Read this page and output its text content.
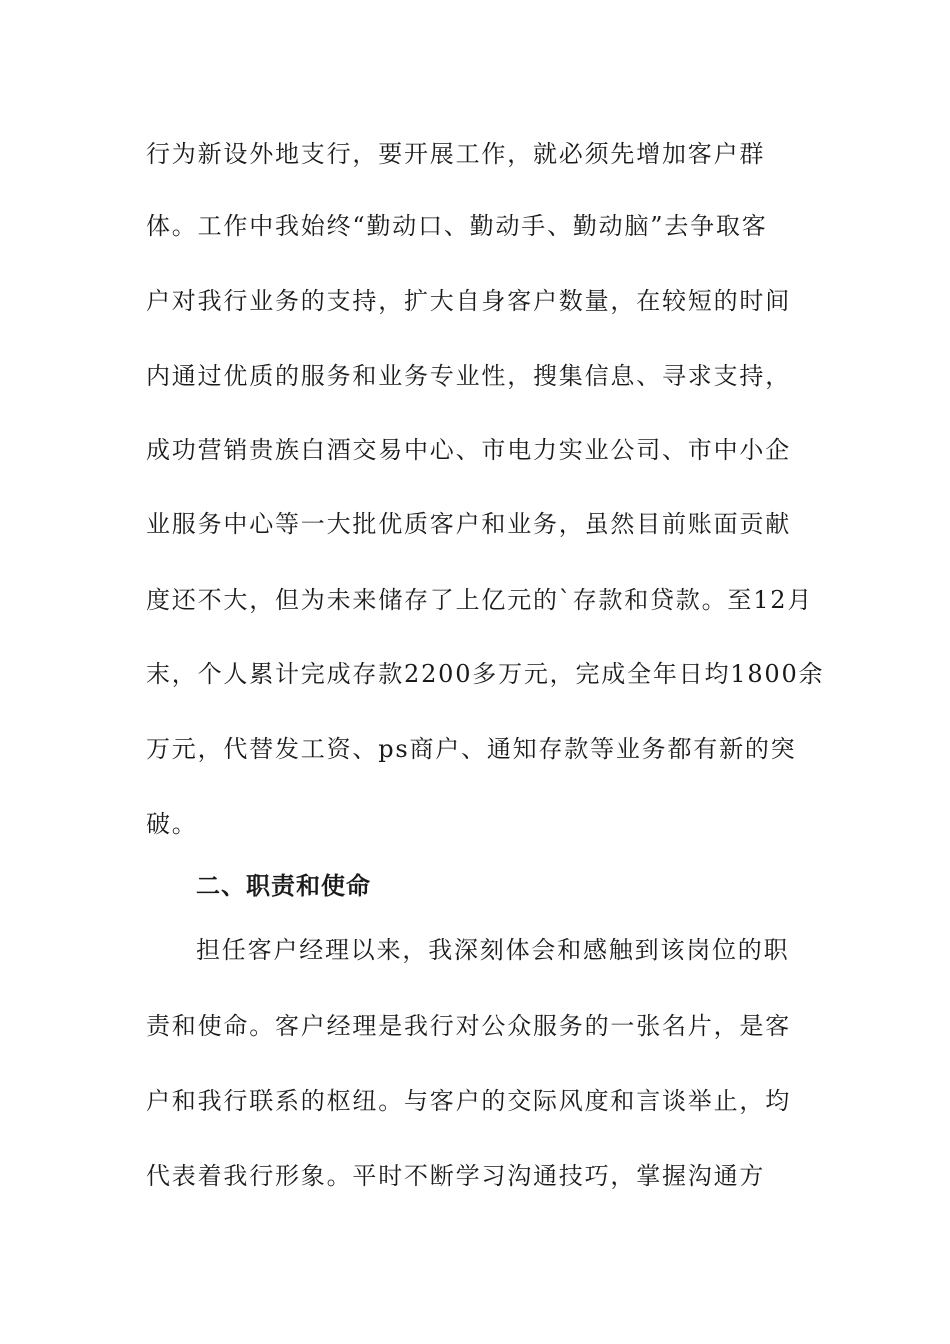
行为新设外地支行，要开展工作，就必须先增加客户群
体。工作中我始终“勤动口、勤动手、勤动脑”去争取客
户对我行业务的支持，扩大自身客户数量，在较短的时间
内通过优质的服务和业务专业性，搜集信息、寻求支持，
成功营销贵族白酒交易中心、市电力实业公司、市中小企
业服务中心等一大批优质客户和业务，虽然目前账面贡献
度还不大，但为未来储存了上亿元的`存款和贷款。至12月
末，个人累计完成存款2200多万元，完成全年日均1800余
万元，代替发工资、ps商户、通知存款等业务都有新的突
破。
二、职责和使命
担任客户经理以来，我深刻体会和感触到该岗位的职
责和使命。客户经理是我行对公众服务的一张名片，是客
户和我行联系的枢纽。与客户的交际风度和言谈举止，均
代表着我行形象。平时不断学习沟通技巧，掌握沟通方
